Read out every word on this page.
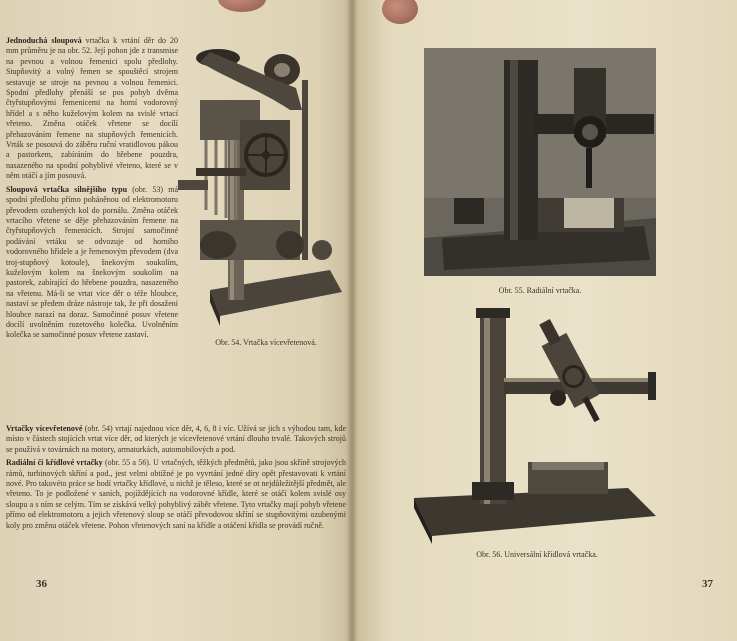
Jednoduchá sloupová vrtačka k vrtání děr do 20 mm průměru je na obr. 52. Její pohon jde z transmise na pevnou a volnou řemenici spolu předlohy. Stupňovitý a volný řemen se spouštěcí strojem sestavuje se stroje na pevnou a volnou řemenici. Spodní předlohy přenáší se pos pohyb dvěma čtyřstupňovými řemenicemi na horní vodorovný hřídel a s něho kuželovým kolem na svislé vrtací vřeteno. Změna otáček vřetene se docílí přehazováním řemene na stupňových řemenicích. Vrták se posouvá do záběru ruční vratidlovou pákou a pastorkem, zabíráním do hřebene pouzdra, nasazeného na spodní pohyblivé vřeteno, které se v něm otáčí a jím posouvá.

Sloupová vrtačka silnějšího typu (obr. 53) má spodní předlohu přímo poháněnou od elektromotoru převodem ozubených kol do pornálu. Změna otáček vrtacího vřetene se děje přehazováním řemene na čtyřstupňových řemenicích. Strojní samočinné podávání vrtáku se odvozuje od horního vodorovného hřídele a je řemenovým převodem (dva troj-stupňový kotoule), šnekovým soukolím, kuželovým kolem na šnekovým soukolím na pastorek, zabírající do hřebene pouzdra, nasazeného na vřetenu. Má-li se vrtat více děr o téže hloubce, nastaví se předem dráze nástroje tak, že při dosažení hloubce narazí na doraz. Samočinné posuv vřetene docílí uvolněním rozetového kolečka. Uvolněním kolečka se samočinné posuv vřetene zastaví.

Vrtačky vícevřetenové (obr. 54) vrtají najednou více děr, 4, 6, 8 i víc. Užívá se jich s výhodou tam, kde místo v částech stojících vrtat více děr, od kterých je vícevřetenové vrtání dlouho trvalé. Takových strojů se používá v továrnách na motory, armaturkách, automobilových a pod.

Radiální či křídlové vrtačky (obr. 55 a 56). U vrtačných, těžkých předmětů, jako jsou skříně strojových rámů, turbinových skříní a pod., jest velmi obtížné je po vyvrtání jedné díry opět přestavovati k vrtání nové. Pro takovéto práce se hodí vrtačky křídlové, u nichž je těleso, které se ot nejdůležitější předmět, ale vřeteno. To je podložené v saních, pojíždějících na vodorovné křídle, které se otáčí kolem svislé osy sloupu a s ním se celým. Tím se získává velký pohyblivý záběr vřetene. Tyto vrtačky mají pohyb vřetene přímo od elektromotoru a jejich vřetenový sloup se otáčí převodovou skříní se stupňovitými ozubenými koly pro změnu otáček vřetene. Pohon vřetenových saní na křídle a otáčení křídla se provádí ručně.

Obr. 54. Vrtačka vícevřetenová.
36
Obr. 55. Radiální vrtačka.
Obr. 56. Universální křídlová vrtačka.
37
